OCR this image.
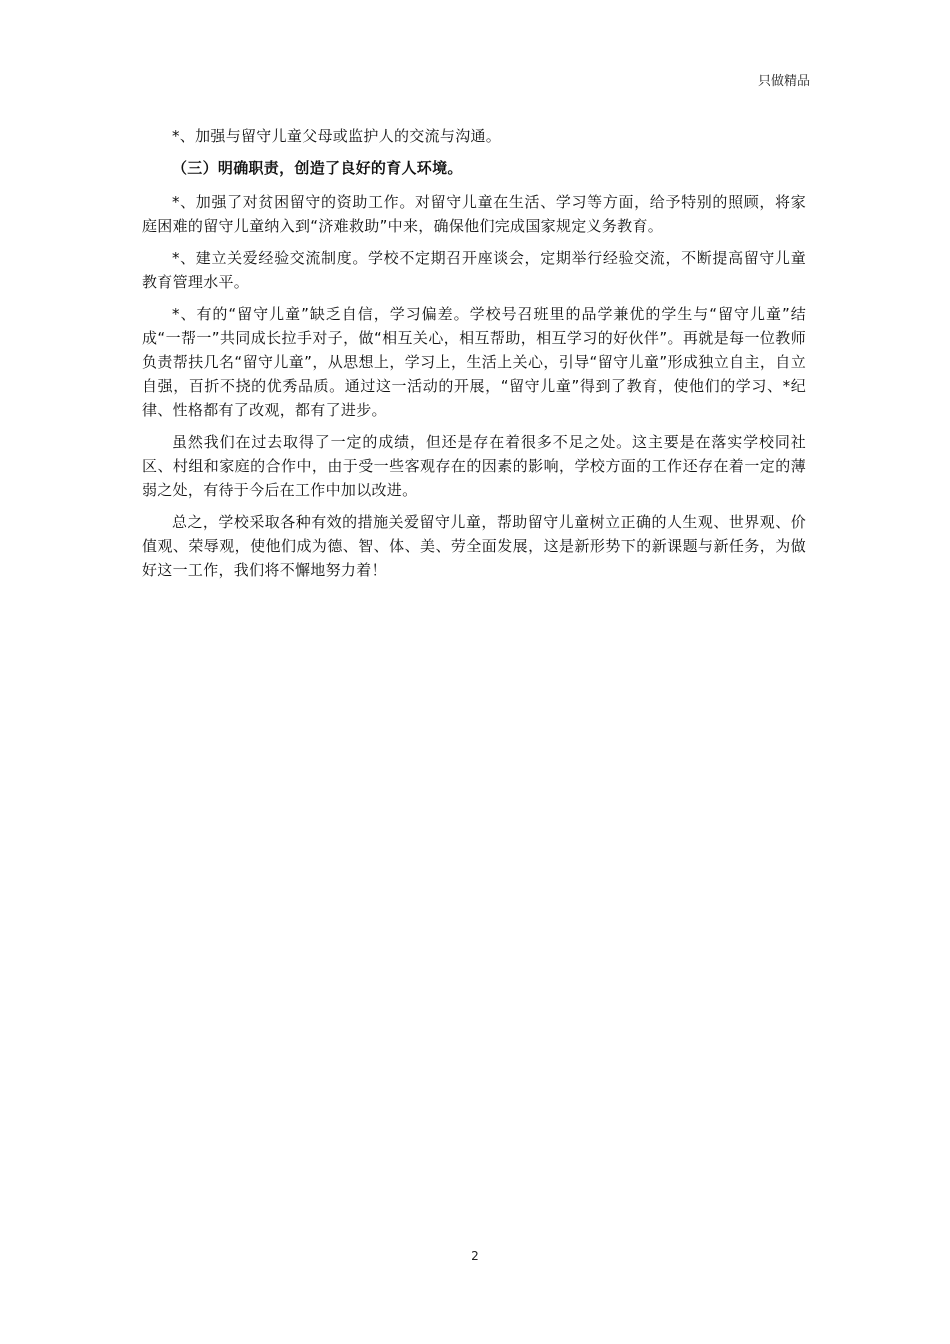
只做精品

*、加强与留守儿童父母或监护人的交流与沟通。

（三）明确职责，创造了良好的育人环境。

*、加强了对贫困留守的资助工作。对留守儿童在生活、学习等方面，给予特别的照顾，将家庭困难的留守儿童纳入到“济难救助”中来，确保他们完成国家规定义务教育。

*、建立关爱经验交流制度。学校不定期召开座谈会，定期举行经验交流，不断提高留守儿童教育管理水平。

*、有的“留守儿童”缺乏自信，学习偏差。学校号召班里的品学兼优的学生与“留守儿童”结成“一帮一”共同成长拉手对子，做“相互关心，相互帮助，相互学习的好伙伴”。再就是每一位教师负责帮扶几名“留守儿童”，从思想上，学习上，生活上关心，引导“留守儿童”形成独立自主，自立自强，百折不挠的优秀品质。通过这一活动的开展，“留守儿童”得到了教育，使他们的学习、*纪律、性格都有了改观，都有了进步。

虽然我们在过去取得了一定的成绩，但还是存在着很多不足之处。这主要是在落实学校同社区、村组和家庭的合作中，由于受一些客观存在的因素的影响，学校方面的工作还存在着一定的薄弱之处，有待于今后在工作中加以改进。

总之，学校采取各种有效的措施关爱留守儿童，帮助留守儿童树立正确的人生观、世界观、价值观、荣辱观，使他们成为德、智、体、美、劳全面发展，这是新形势下的新课题与新任务，为做好这一工作，我们将不懈地努力着！

2
